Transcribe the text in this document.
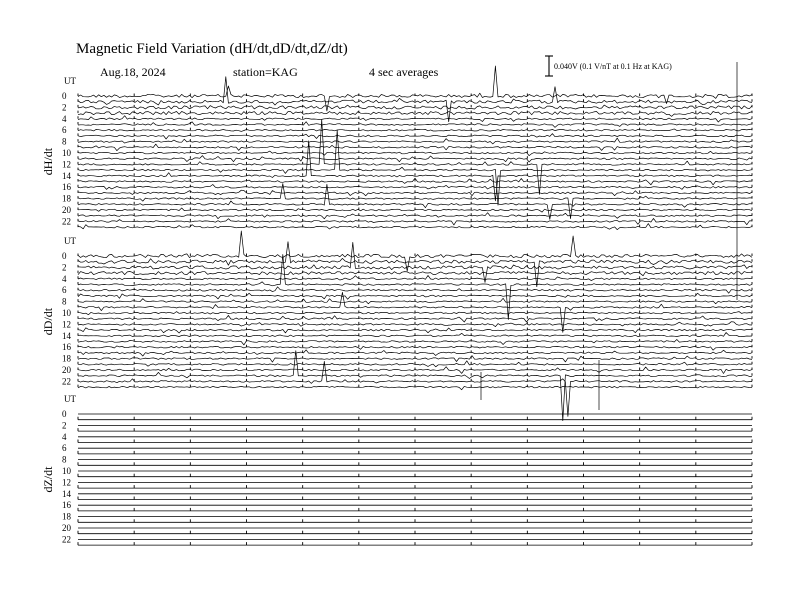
Magnetic Field Variation (dH/dt,dD/dt,dZ/dt)
Aug.18, 2024	station=KAG	4 sec averages	0.040V (0.1 V/nT at 0.1 Hz at KAG)
UT
dH/dt
0
2
4
6
8
10
12
14
16
18
20
22
UT
dD/dt
0
2
4
6
8
10
12
14
16
18
20
22
UT
dZ/dt
0
2
4
6
8
10
12
14
16
18
20
22
